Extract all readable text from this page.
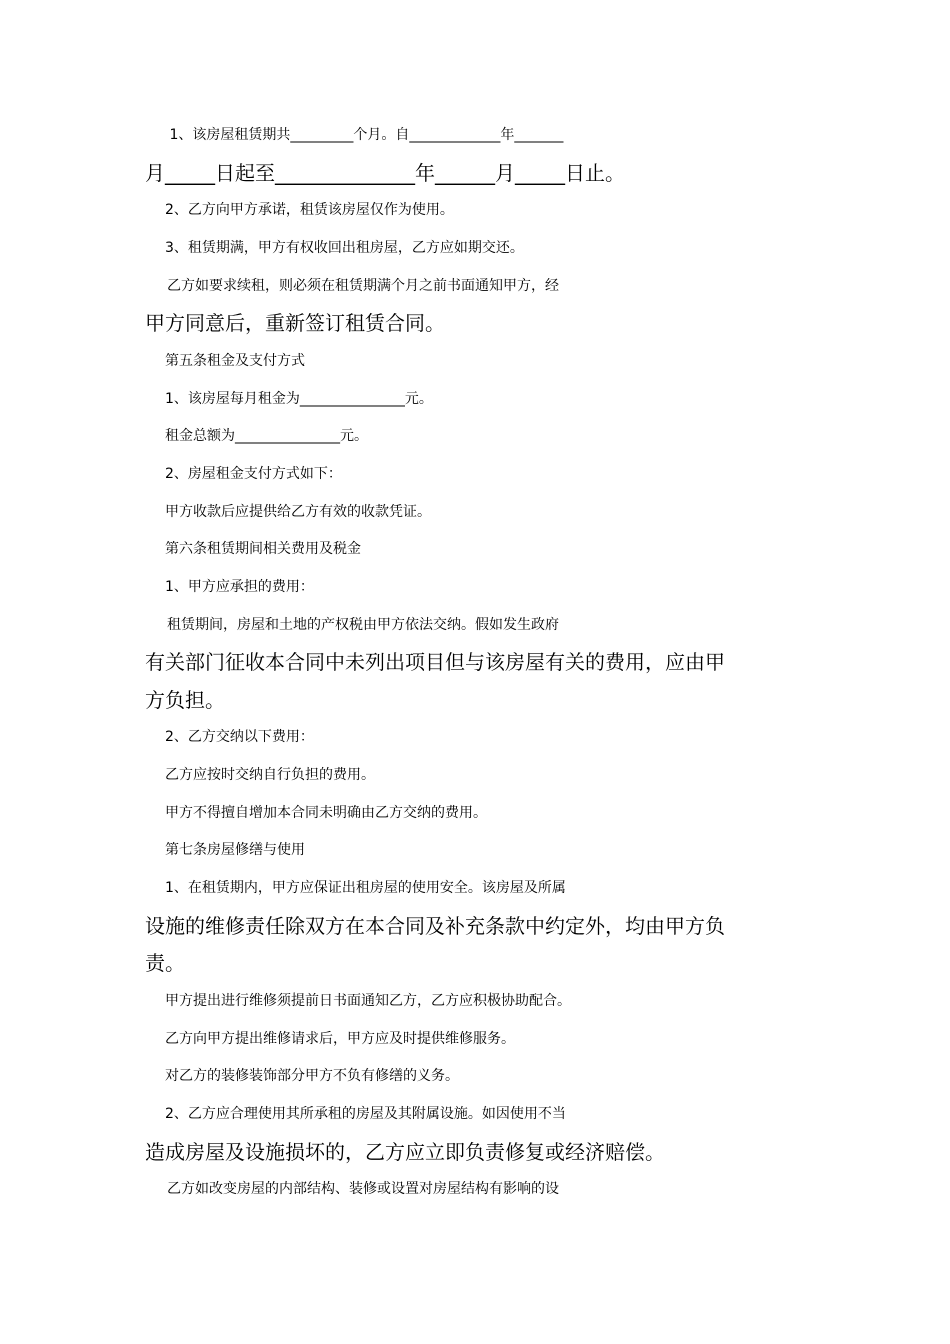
1、该房屋租赁期共_________个月。自_____________年_______

月_____日起至______________年______月_____日止。

2、乙方向甲方承诺，租赁该房屋仅作为使用。

3、租赁期满，甲方有权收回出租房屋，乙方应如期交还。

乙方如要求续租，则必须在租赁期满个月之前书面通知甲方，经

甲方同意后，重新签订租赁合同。

第五条租金及支付方式

1、该房屋每月租金为_______________元。

租金总额为_______________元。

2、房屋租金支付方式如下：

甲方收款后应提供给乙方有效的收款凭证。

第六条租赁期间相关费用及税金

1、甲方应承担的费用：

租赁期间，房屋和土地的产权税由甲方依法交纳。假如发生政府

有关部门征收本合同中未列出项目但与该房屋有关的费用，应由甲

方负担。

2、乙方交纳以下费用：

乙方应按时交纳自行负担的费用。

甲方不得擅自增加本合同未明确由乙方交纳的费用。

第七条房屋修缮与使用

1、在租赁期内，甲方应保证出租房屋的使用安全。该房屋及所属

设施的维修责任除双方在本合同及补充条款中约定外，均由甲方负

责。

甲方提出进行维修须提前日书面通知乙方，乙方应积极协助配合。

乙方向甲方提出维修请求后，甲方应及时提供维修服务。

对乙方的装修装饰部分甲方不负有修缮的义务。

2、乙方应合理使用其所承租的房屋及其附属设施。如因使用不当

造成房屋及设施损坏的，乙方应立即负责修复或经济赔偿。

乙方如改变房屋的内部结构、装修或设置对房屋结构有影响的设
